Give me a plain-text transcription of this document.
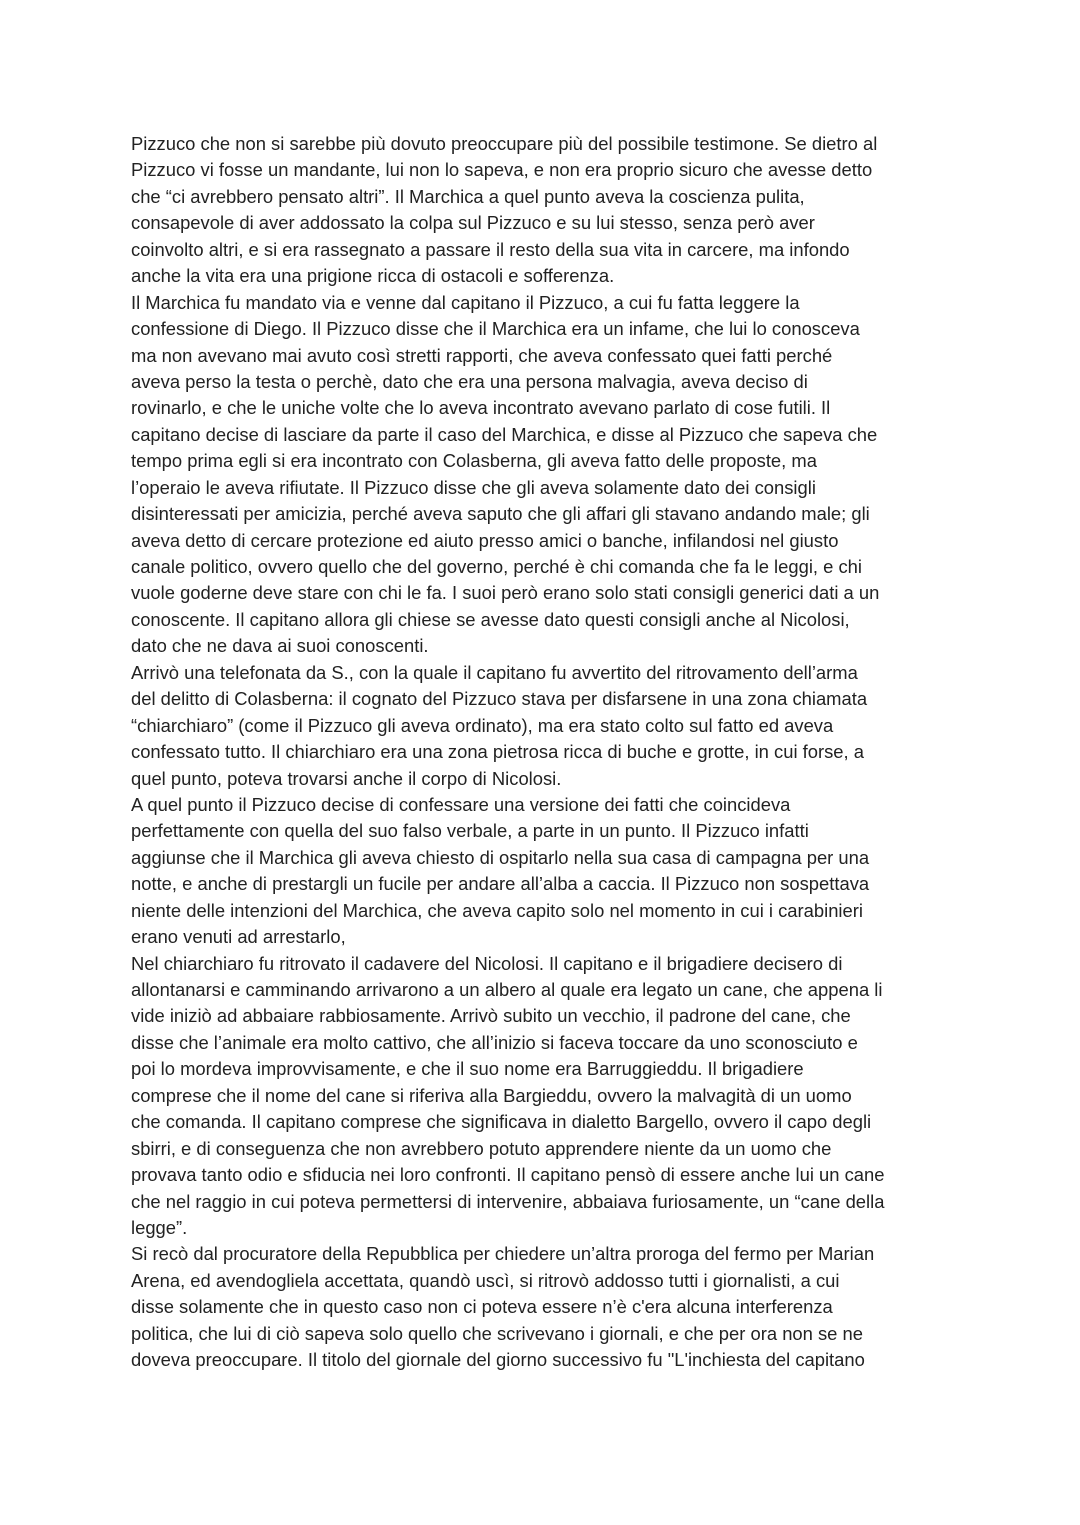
Pizzuco che non si sarebbe più dovuto preoccupare più del possibile testimone. Se dietro al
Pizzuco vi fosse un mandante, lui non lo sapeva, e non era proprio sicuro che avesse detto
che “ci avrebbero pensato altri”. Il Marchica a quel punto aveva la coscienza pulita,
consapevole di aver addossato la colpa sul Pizzuco e su lui stesso, senza però aver
coinvolto altri, e si era rassegnato a passare il resto della sua vita in carcere, ma infondo
anche la vita era una prigione ricca di ostacoli e sofferenza.
Il Marchica fu mandato via e venne dal capitano il Pizzuco, a cui fu fatta leggere la
confessione di Diego. Il Pizzuco disse che il Marchica era un infame, che lui lo conosceva
ma non avevano mai avuto così stretti rapporti, che aveva confessato quei fatti perché
aveva perso la testa o perchè, dato che era una persona malvagia, aveva deciso di
rovinarlo, e che le uniche volte che lo aveva incontrato avevano parlato di cose futili. Il
capitano decise di lasciare da parte il caso del Marchica, e disse al Pizzuco che sapeva che
tempo prima egli si era incontrato con Colasberna, gli aveva fatto delle proposte, ma
l’operaio le aveva rifiutate. Il Pizzuco disse che gli aveva solamente dato dei consigli
disinteressati per amicizia, perché aveva saputo che gli affari gli stavano andando male; gli
aveva detto di cercare protezione ed aiuto presso amici o banche, infilandosi nel giusto
canale politico, ovvero quello che del governo, perché è chi comanda che fa le leggi, e chi
vuole goderne deve stare con chi le fa. I suoi però erano solo stati consigli generici dati a un
conoscente. Il capitano allora gli chiese se avesse dato questi consigli anche al Nicolosi,
dato che ne dava ai suoi conoscenti.
Arrivò una telefonata da S., con la quale il capitano fu avvertito del ritrovamento dell’arma
del delitto di Colasberna: il cognato del Pizzuco stava per disfarsene in una zona chiamata
“chiarchiaro” (come il Pizzuco gli aveva ordinato), ma era stato colto sul fatto ed aveva
confessato tutto. Il chiarchiaro era una zona pietrosa ricca di buche e grotte, in cui forse, a
quel punto, poteva trovarsi anche il corpo di Nicolosi.
A quel punto il Pizzuco decise di confessare una versione dei fatti che coincideva
perfettamente con quella del suo falso verbale, a parte in un punto. Il Pizzuco infatti
aggiunse che il Marchica gli aveva chiesto di ospitarlo nella sua casa di campagna per una
notte, e anche di prestargli un fucile per andare all’alba a caccia. Il Pizzuco non sospettava
niente delle intenzioni del Marchica, che aveva capito solo nel momento in cui i carabinieri
erano venuti ad arrestarlo,
Nel chiarchiaro fu ritrovato il cadavere del Nicolosi. Il capitano e il brigadiere decisero di
allontanarsi e camminando arrivarono a un albero al quale era legato un cane, che appena li
vide iniziò ad abbaiare rabbiosamente. Arrivò subito un vecchio, il padrone del cane, che
disse che l’animale era molto cattivo, che all’inizio si faceva toccare da uno sconosciuto e
poi lo mordeva improvvisamente, e che il suo nome era Barruggieddu. Il brigadiere
comprese che il nome del cane si riferiva alla Bargieddu, ovvero la malvagità di un uomo
che comanda. Il capitano comprese che significava in dialetto Bargello, ovvero il capo degli
sbirri, e di conseguenza che non avrebbero potuto apprendere niente da un uomo che
provava tanto odio e sfiducia nei loro confronti. Il capitano pensò di essere anche lui un cane
che nel raggio in cui poteva permettersi di intervenire, abbaiava furiosamente, un “cane della
legge”.
Si recò dal procuratore della Repubblica per chiedere un’altra proroga del fermo per Marian
Arena, ed avendogliela accettata, quandò uscì, si ritrovò addosso tutti i giornalisti, a cui
disse solamente che in questo caso non ci poteva essere n’è c'era alcuna interferenza
politica, che lui di ciò sapeva solo quello che scrivevano i giornali, e che per ora non se ne
doveva preoccupare. Il titolo del giornale del giorno successivo fu "L'inchiesta del capitano
